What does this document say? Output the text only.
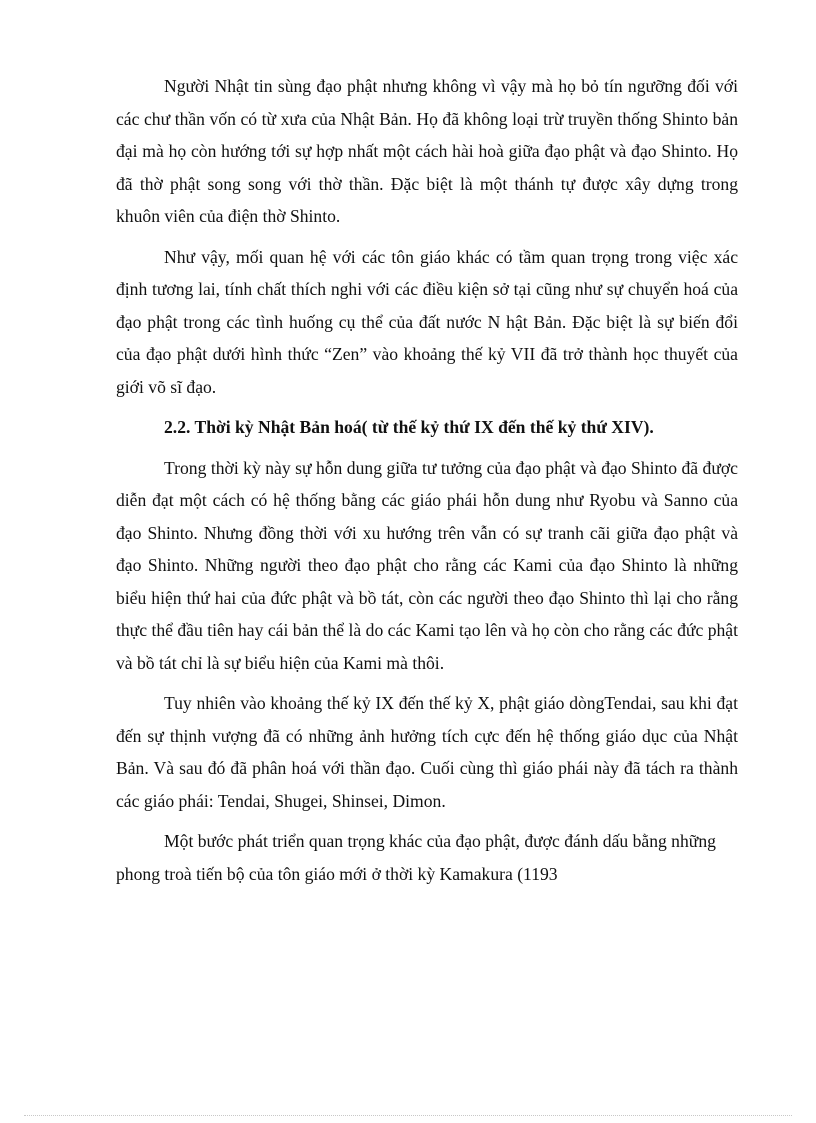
Người Nhật tin sùng đạo phật nhưng không vì vậy mà họ bỏ tín ngưỡng đối với các chư thần vốn có từ xưa của Nhật Bản. Họ đã không loại trừ truyền thống Shinto bản đại mà họ còn hướng tới sự hợp nhất một cách hài hoà giữa đạo phật và đạo Shinto. Họ đã thờ phật song song với thờ thần. Đặc biệt là một thánh tự được xây dựng trong khuôn viên của điện thờ Shinto.

Như vậy, mối quan hệ với các tôn giáo khác có tầm quan trọng trong việc xác định tương lai, tính chất thích nghi với các điều kiện sở tại cũng như sự chuyển hoá của đạo phật trong các tình huống cụ thể của đất nước N hật Bản. Đặc biệt là sự biến đổi của đạo phật dưới hình thức “Zen” vào khoảng thế kỷ VII đã trở thành học thuyết của giới võ sĩ đạo.

2.2. Thời kỳ Nhật Bản hoá( từ thế kỷ thứ IX đến thế kỷ thứ XIV).

Trong thời kỳ này sự hỗn dung giữa tư tưởng của đạo phật và đạo Shinto đã được diễn đạt một cách có hệ thống bằng các giáo phái hỗn dung như Ryobu và Sanno của đạo Shinto. Nhưng đồng thời với xu hướng trên vẫn có sự tranh cãi giữa đạo phật và đạo Shinto. Những người theo đạo phật cho rằng các Kami của đạo Shinto là những biểu hiện thứ hai của đức phật và bồ tát, còn các người theo đạo Shinto thì lại cho rằng thực thể đầu tiên hay cái bản thể là do các Kami tạo lên và họ còn cho rằng các đức phật và bồ tát chỉ là sự biểu hiện của Kami mà thôi.

Tuy nhiên vào khoảng thế kỷ IX đến thế kỷ X, phật giáo dòngTendai, sau khi đạt đến sự thịnh vượng đã có những ảnh hưởng tích cực đến hệ thống giáo dục của Nhật Bản. Và sau đó đã phân hoá với thần đạo. Cuối cùng thì giáo phái này đã tách ra thành các giáo phái: Tendai, Shugei, Shinsei, Dimon.

Một bước phát triển quan trọng khác của đạo phật, được đánh dấu bằng những phong troà tiến bộ của tôn giáo mới ở thời kỳ Kamakura (1193
